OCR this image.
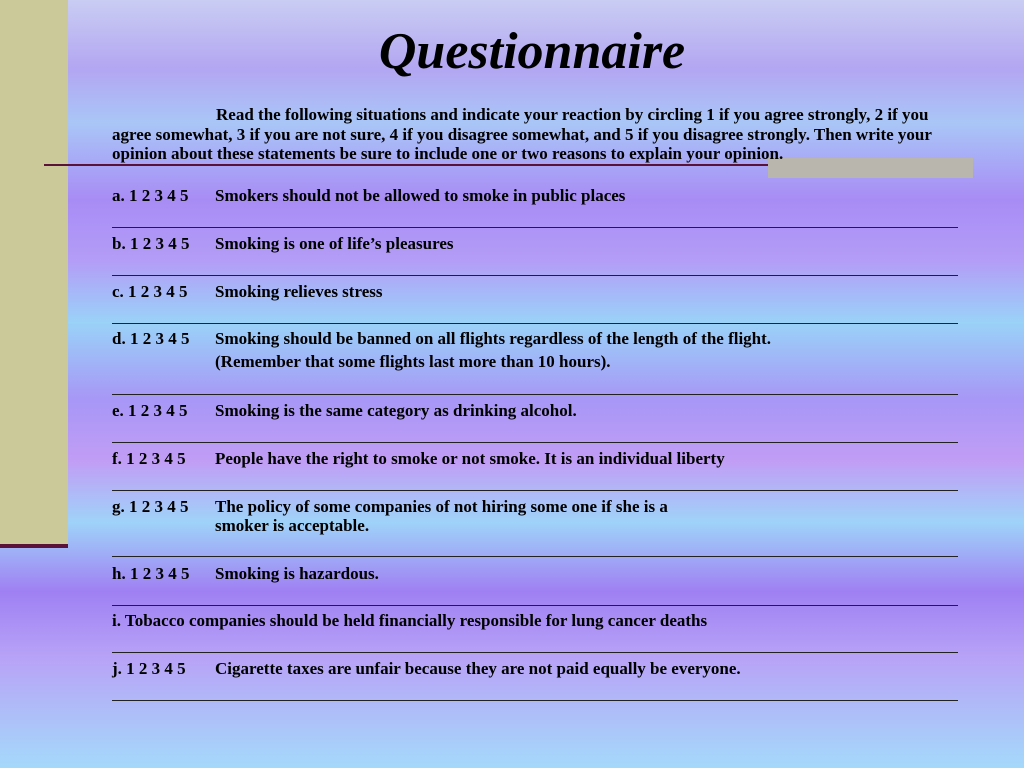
Questionnaire

Read the following situations and indicate your reaction by circling 1 if you agree strongly, 2 if you agree somewhat, 3 if you are not sure, 4 if you disagree somewhat, and 5 if you disagree strongly. Then write your opinion about these statements be sure to include one or two reasons to explain your opinion.

a. 1 2 3 4 5 Smokers should not be allowed to smoke in public places
b. 1 2 3 4 5 Smoking is one of life’s pleasures
c. 1 2 3 4 5 Smoking relieves stress
d. 1 2 3 4 5 Smoking should be banned on all flights regardless of the length of the flight.
(Remember that some flights last more than 10 hours).
e. 1 2 3 4 5 Smoking is the same category as drinking alcohol.
f. 1 2 3 4 5 People have the right to smoke or not smoke. It is an individual liberty
g. 1 2 3 4 5 The policy of some companies of not hiring some one if she is a
smoker is acceptable.
h. 1 2 3 4 5 Smoking is hazardous.
i. Tobacco companies should be held financially responsible for lung cancer deaths
j. 1 2 3 4 5 Cigarette taxes are unfair because they are not paid equally be everyone.
